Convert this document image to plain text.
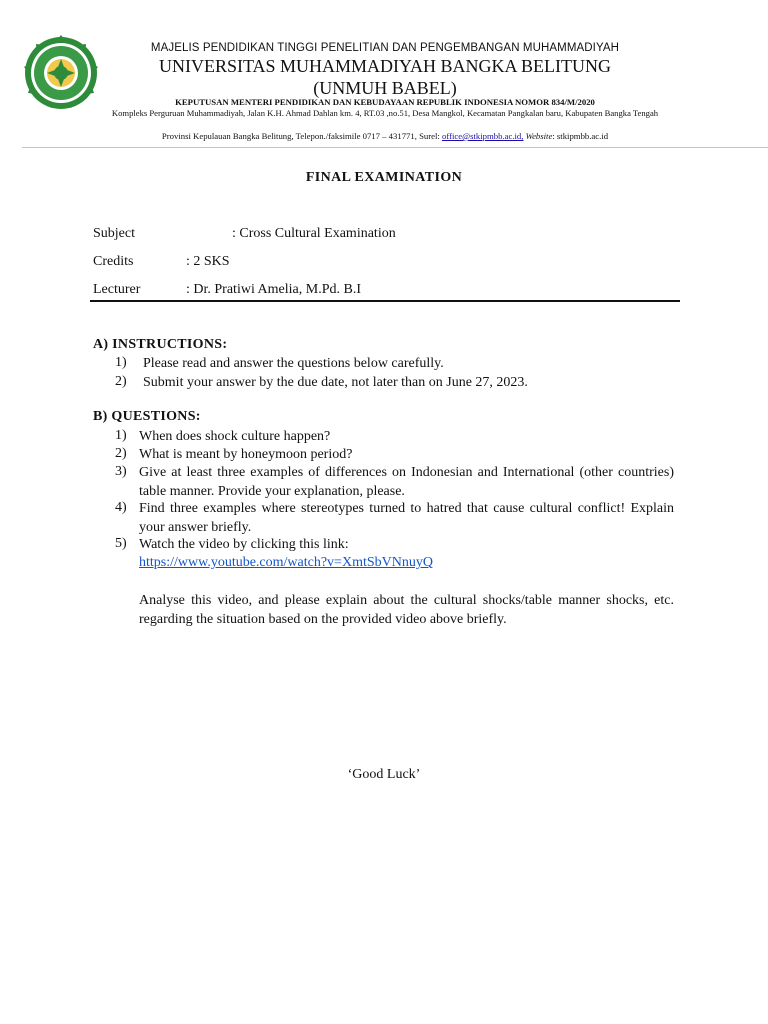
MAJELIS PENDIDIKAN TINGGI PENELITIAN DAN PENGEMBANGAN MUHAMMADIYAH
UNIVERSITAS MUHAMMADIYAH BANGKA BELITUNG
(UNMUH BABEL)
KEPUTUSAN MENTERI PENDIDIKAN DAN KEBUDAYAAN REPUBLIK INDONESIA NOMOR 834/M/2020
Kompleks Perguruan Muhammadiyah, Jalan K.H. Ahmad Dahlan km. 4, RT.03 ,no.51, Desa Mangkol, Kecamatan Pangkalan baru, Kabupaten Bangka Tengah
Provinsi Kepulauan Bangka Belitung, Telepon./faksimile 0717 – 431771, Surel: office@stkipmbb.ac.id, Website: stkipmbb.ac.id
FINAL EXAMINATION
Subject	: Cross Cultural Examination
Credits	: 2 SKS
Lecturer	: Dr. Pratiwi Amelia, M.Pd. B.I
A) INSTRUCTIONS:
1) Please read and answer the questions below carefully.
2) Submit your answer by the due date, not later than on June 27, 2023.
B) QUESTIONS:
1) When does shock culture happen?
2) What is meant by honeymoon period?
3) Give at least three examples of differences on Indonesian and International (other countries) table manner. Provide your explanation, please.
4) Find three examples where stereotypes turned to hatred that cause cultural conflict! Explain your answer briefly.
5) Watch the video by clicking this link:
https://www.youtube.com/watch?v=XmtSbVNnuyQ
Analyse this video, and please explain about the cultural shocks/table manner shocks, etc. regarding the situation based on the provided video above briefly.
‘Good Luck’
